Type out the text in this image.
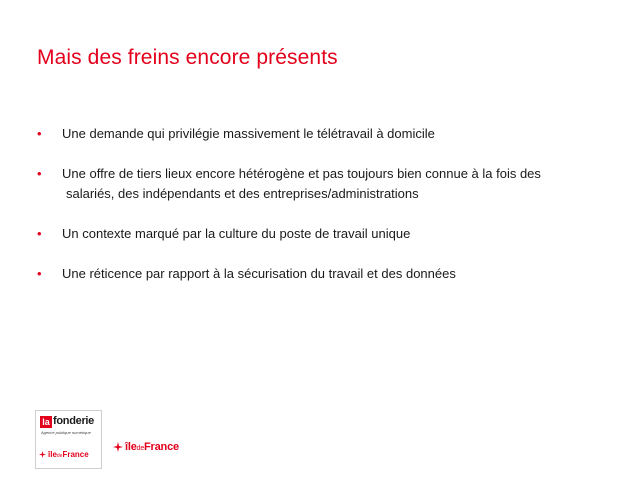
Mais des freins encore présents
• Une demande qui privilégie massivement le télétravail à domicile
• Une offre de tiers lieux encore hétérogène et pas toujours bien connue à la fois des
salariés, des indépendants et des entreprises/administrations
• Un contexte marqué par la culture du poste de travail unique
• Une réticence par rapport à la sécurisation du travail et des données
la fonderie
Agence publique numérique
îledeFrance
îledeFrance
